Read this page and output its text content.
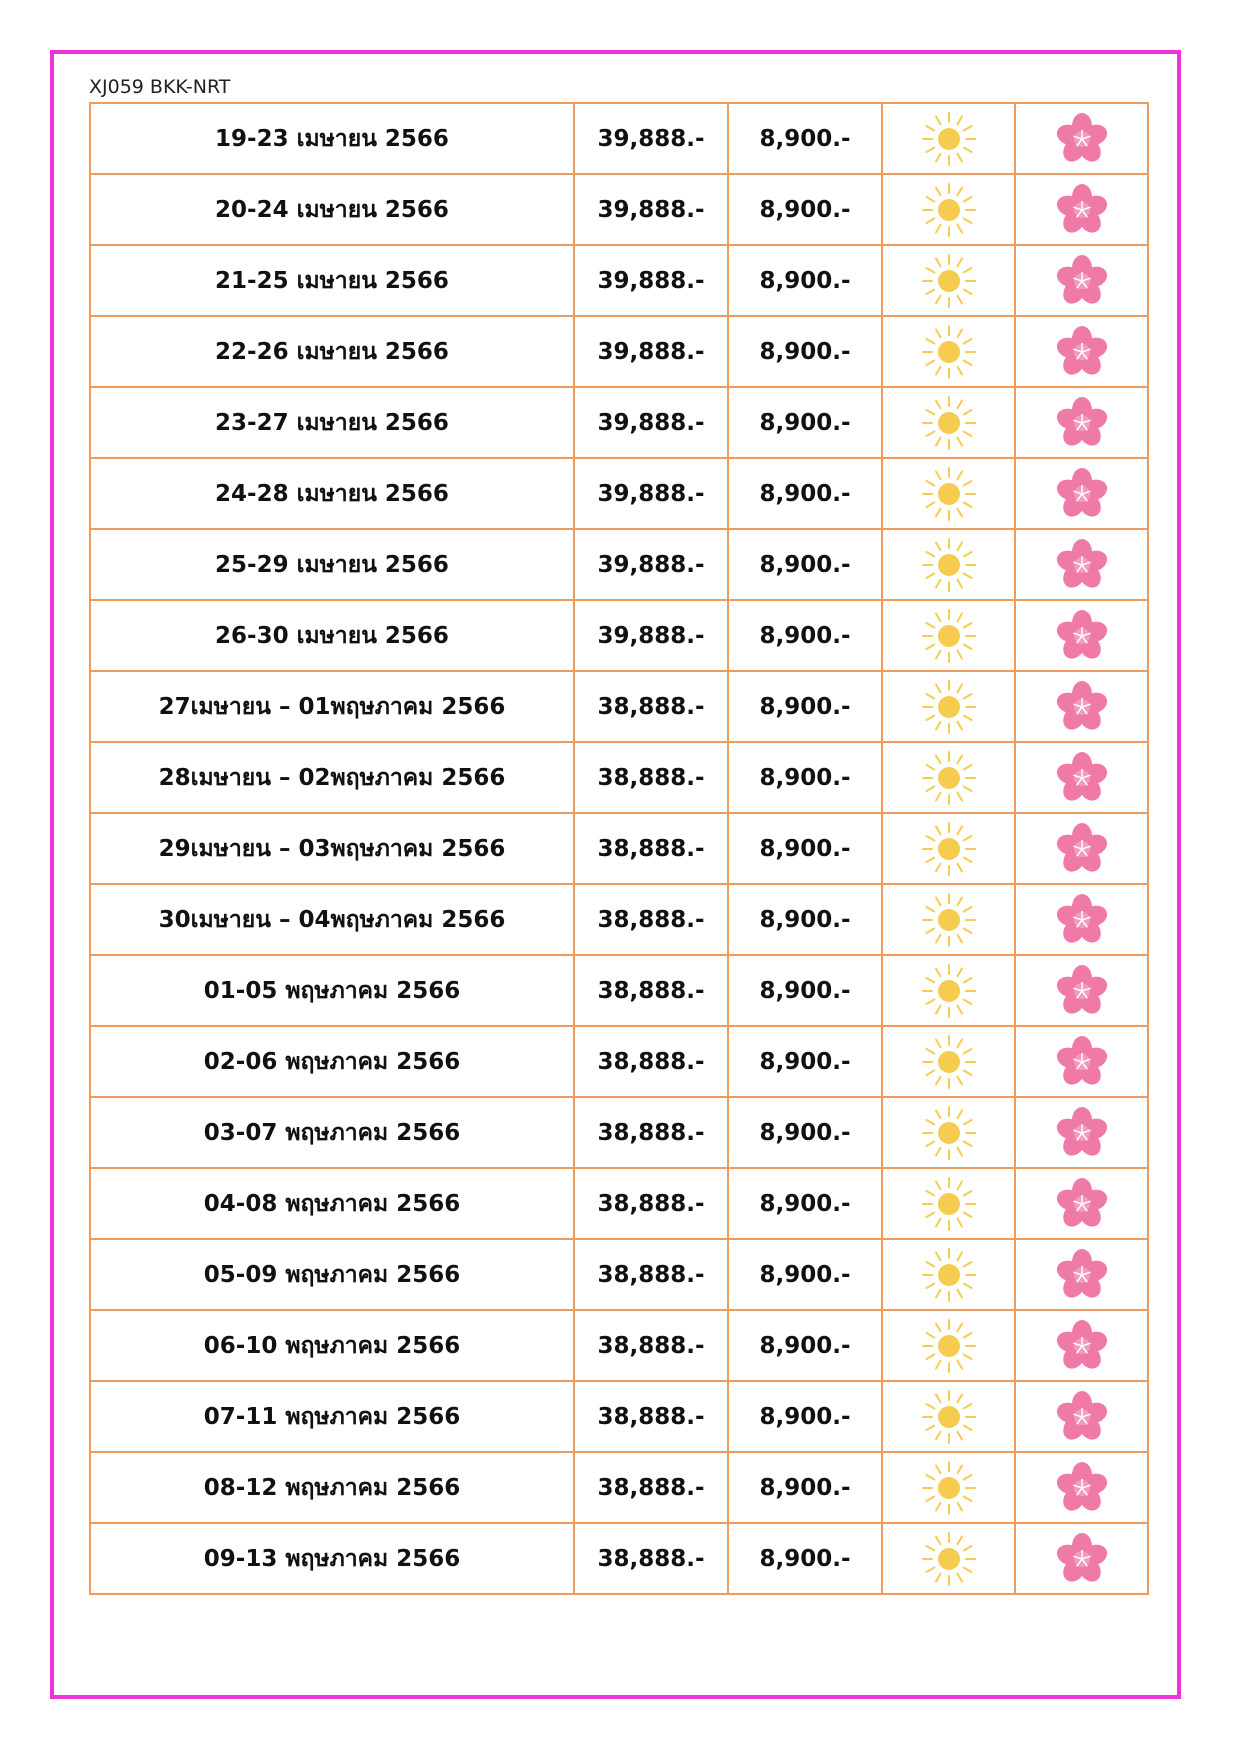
XJ059 BKK-NRT
19-23 เมษายน 2566	39,888.-	8,900.-	

20-24 เมษายน 2566	39,888.-	8,900.-	

21-25 เมษายน 2566	39,888.-	8,900.-	

22-26 เมษายน 2566	39,888.-	8,900.-	

23-27 เมษายน 2566	39,888.-	8,900.-	

24-28 เมษายน 2566	39,888.-	8,900.-	

25-29 เมษายน 2566	39,888.-	8,900.-	

26-30 เมษายน 2566	39,888.-	8,900.-	

27เมษายน – 01พฤษภาคม 2566	38,888.-	8,900.-	

28เมษายน – 02พฤษภาคม 2566	38,888.-	8,900.-	

29เมษายน – 03พฤษภาคม 2566	38,888.-	8,900.-	

30เมษายน – 04พฤษภาคม 2566	38,888.-	8,900.-	

01-05 พฤษภาคม 2566	38,888.-	8,900.-	

02-06 พฤษภาคม 2566	38,888.-	8,900.-	

03-07 พฤษภาคม 2566	38,888.-	8,900.-	

04-08 พฤษภาคม 2566	38,888.-	8,900.-	

05-09 พฤษภาคม 2566	38,888.-	8,900.-	

06-10 พฤษภาคม 2566	38,888.-	8,900.-	

07-11 พฤษภาคม 2566	38,888.-	8,900.-	

08-12 พฤษภาคม 2566	38,888.-	8,900.-	

09-13 พฤษภาคม 2566	38,888.-	8,900.-	
